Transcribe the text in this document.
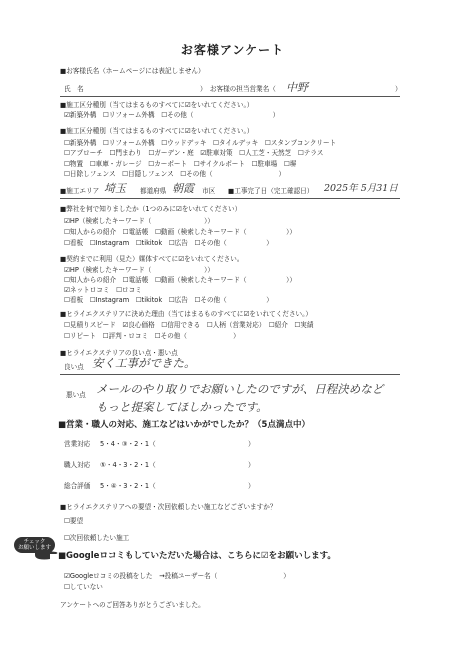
お客様アンケート
■お客様氏名（ホームページには表記しません）
氏　名	）　お客様の担当営業名（ 中野	）
■施工区分種別（当てはまるものすべてに☑をいれてください。）
☑新築外構　☐リフォーム外構　☐その他（　　　　　　　　　　　　）
■施工区分種別（当てはまるものすべてに☑をいれてください。）
☐新築外構　☐リフォーム外構　☐ウッドデッキ　☐タイルデッキ　☐スタンプコンクリート
☐アプローチ　☐門まわり　☐ガーデン・庭　☑駐車対策　☐人工芝・天然芝　☐テラス
☐物置　☐車庫・ガレージ　☐カーポート　☐サイクルポート　☐駐車場　☐塀
☐日除しフェンス　☐目隠しフェンス　☐その他（　　　　　　　　　　）
■施工エリア 埼玉 都道府県 朝霞 市区 ■工事完了日（完工確認日） 2025年 5月31日
■弊社を何で知りましたか（1つのみに☑をいれてください）
☑HP（検索したキーワード（　　　　　　　　））
☐知人からの紹介　☐電話帳　☐動画（検索したキーワード（　　　　　　））
☐看板　☐Instagram　☐tikitok　☐広告　☐その他（　　　　　　）
■契約までに利用（見た）媒体すべてに☑をいれてください。
☑HP（検索したキーワード（　　　　　　　　））
☐知人からの紹介　☐電話帳　☐動画（検索したキーワード（　　　　　　））
☑ネットロコミ　☐ロコミ
☐看板　☐Instagram　☐tikitok　☐広告　☐その他（　　　　　　）
■ヒライエクステリアに決めた理由（当てはまるものすべてに☑をいれてください。）
☐見積りスピード　☑良心価格　☐信用できる　☐人柄（営業対応）　☐紹介　☐実績
☐リピート　☐評判・ロコミ　☐その他（　　　　　　　）
■ヒライエクステリアの良い点・悪い点
良い点 安く工事ができた。
悪い点 メールのやり取りでお願いしたのですが、日程決めなど
もっと提案してほしかったです。
■営業・職人の対応、施工などはいかがでしたか？（5点満点中）
営業対応 5・4・③・2・1（　　　　　　　　　　　　　　）
職人対応 ⑤・4・3・2・1（　　　　　　　　　　　　　　）
総合評価 5・④・3・2・1（　　　　　　　　　　　　　　）
■ヒライエクステリアへの要望・次回依頼したい施工などございますか？
☐要望
☐次回依頼したい施工
チェック
お願いします
■Googleロコミもしていただいた場合は、こちらに☑をお願いします。
☑Googleロコミの投稿をした　→投稿ユーザー名（　　　　　　　　　　）
☐していない
アンケートへのご回答ありがとうございました。
